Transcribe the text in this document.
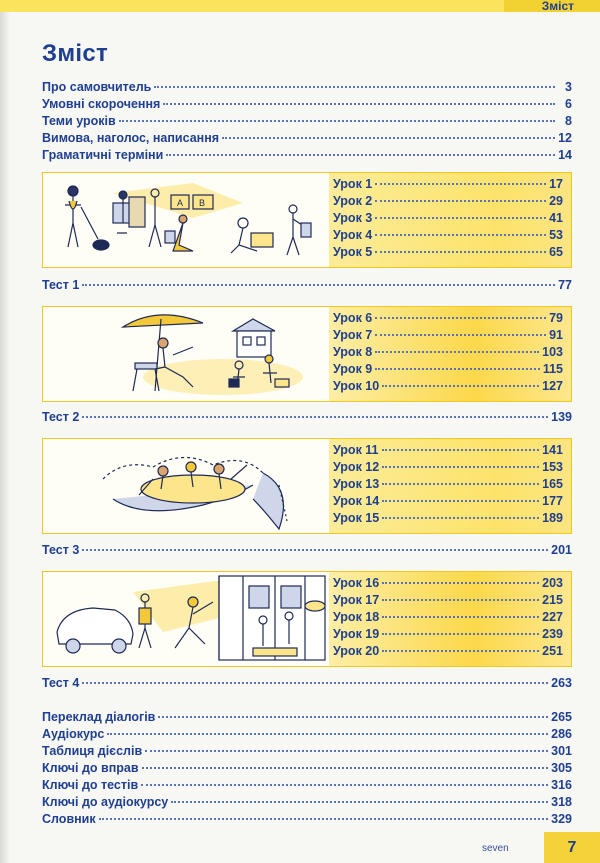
Зміст
Зміст
Про самовчитель	3
Умовні скорочення	6
Теми уроків	8
Вимова, наголос, написання	12
Граматичні терміни	14
A B
Урок 1	17
Урок 2	29
Урок 3	41
Урок 4	53
Урок 5	65
Тест 1	77
Урок 6	79
Урок 7	91
Урок 8	103
Урок 9	115
Урок 10	127
Тест 2	139
Урок 11	141
Урок 12	153
Урок 13	165
Урок 14	177
Урок 15	189
Тест 3	201
Урок 16	203
Урок 17	215
Урок 18	227
Урок 19	239
Урок 20	251
Тест 4	263
Переклад діалогів	265
Аудіокурс	286
Таблиця дієслів	301
Ключі до вправ	305
Ключі до тестів	316
Ключі до аудіокурсу	318
Словник	329
seven	7
